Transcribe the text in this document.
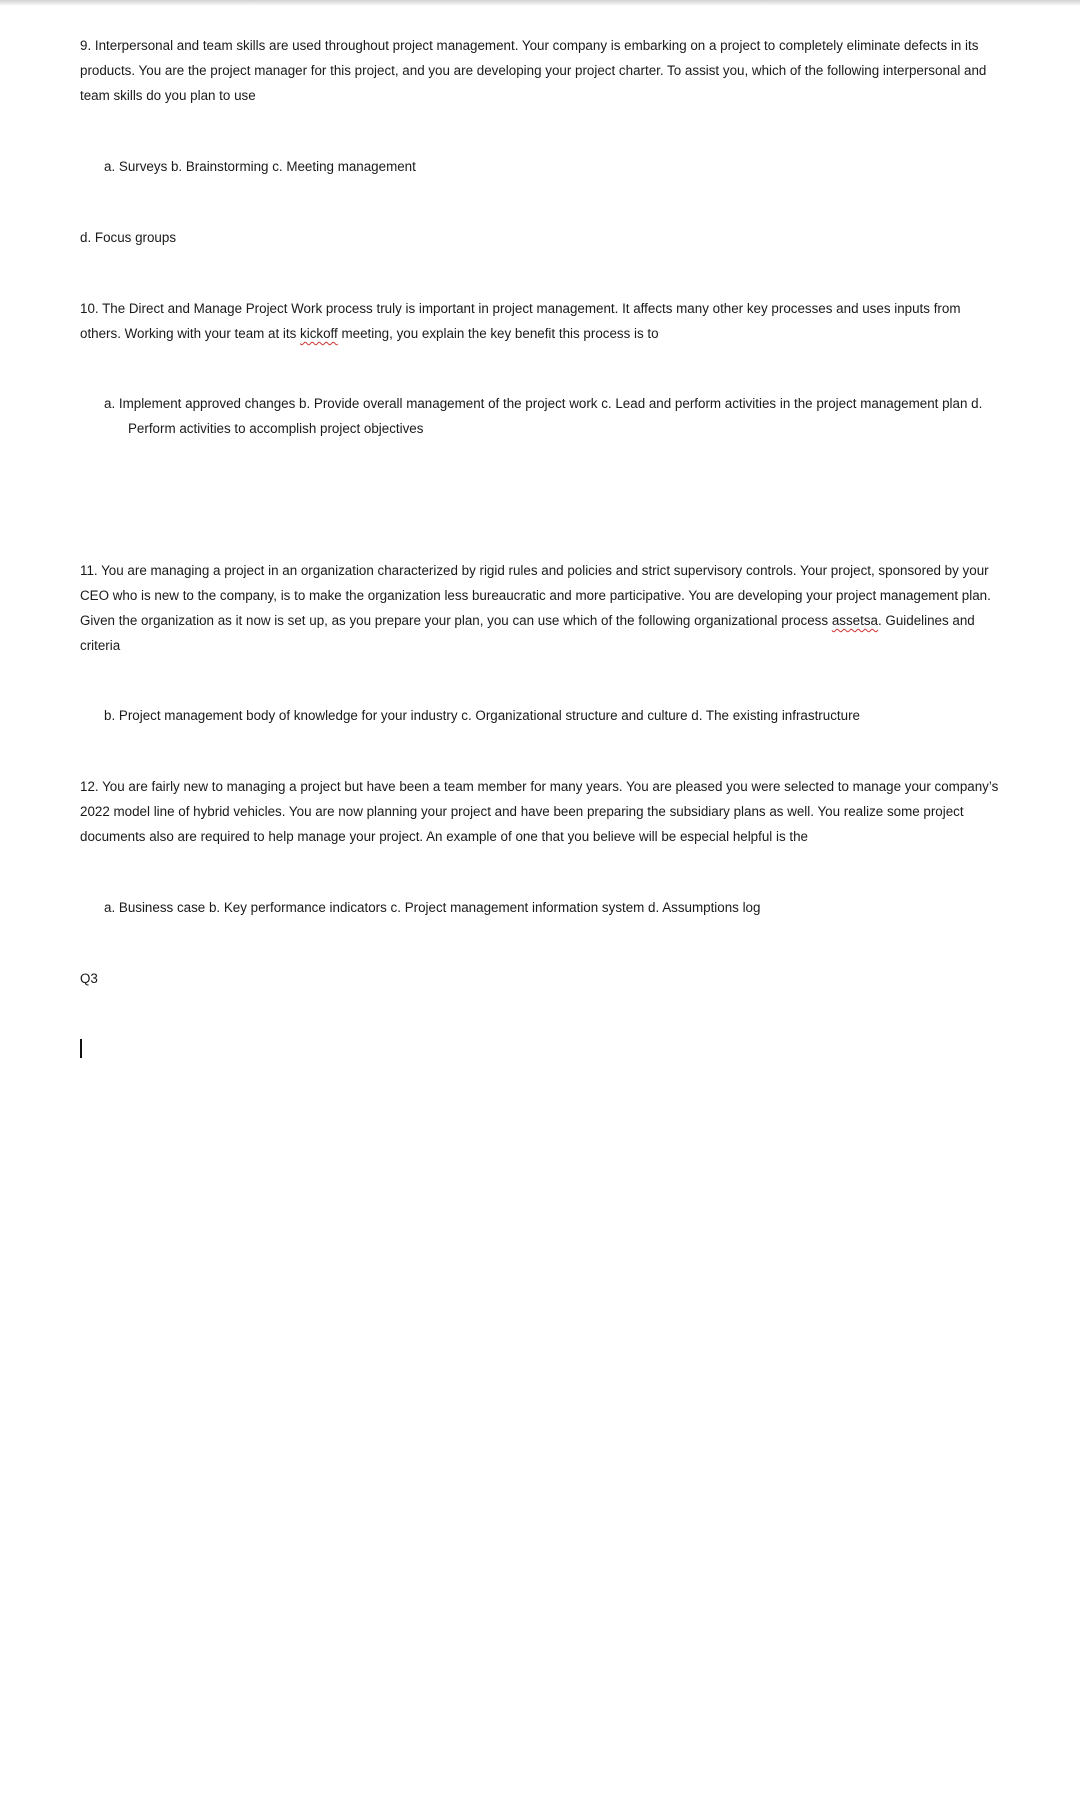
9. Interpersonal and team skills are used throughout project management. Your company is embarking on a project to completely eliminate defects in its products. You are the project manager for this project, and you are developing your project charter. To assist you, which of the following interpersonal and team skills do you plan to use

a. Surveys b. Brainstorming c. Meeting management

d. Focus groups

10. The Direct and Manage Project Work process truly is important in project management. It affects many other key processes and uses inputs from others. Working with your team at its kickoff meeting, you explain the key benefit this process is to

a. Implement approved changes b. Provide overall management of the project work c. Lead and perform activities in the project management plan d. Perform activities to accomplish project objectives

11. You are managing a project in an organization characterized by rigid rules and policies and strict supervisory controls. Your project, sponsored by your CEO who is new to the company, is to make the organization less bureaucratic and more participative. You are developing your project management plan. Given the organization as it now is set up, as you prepare your plan, you can use which of the following organizational process assetsa. Guidelines and criteria

b. Project management body of knowledge for your industry c. Organizational structure and culture d. The existing infrastructure

12. You are fairly new to managing a project but have been a team member for many years. You are pleased you were selected to manage your company’s 2022 model line of hybrid vehicles. You are now planning your project and have been preparing the subsidiary plans as well. You realize some project documents also are required to help manage your project. An example of one that you believe will be especial helpful is the

a. Business case b. Key performance indicators c. Project management information system d. Assumptions log

Q3
